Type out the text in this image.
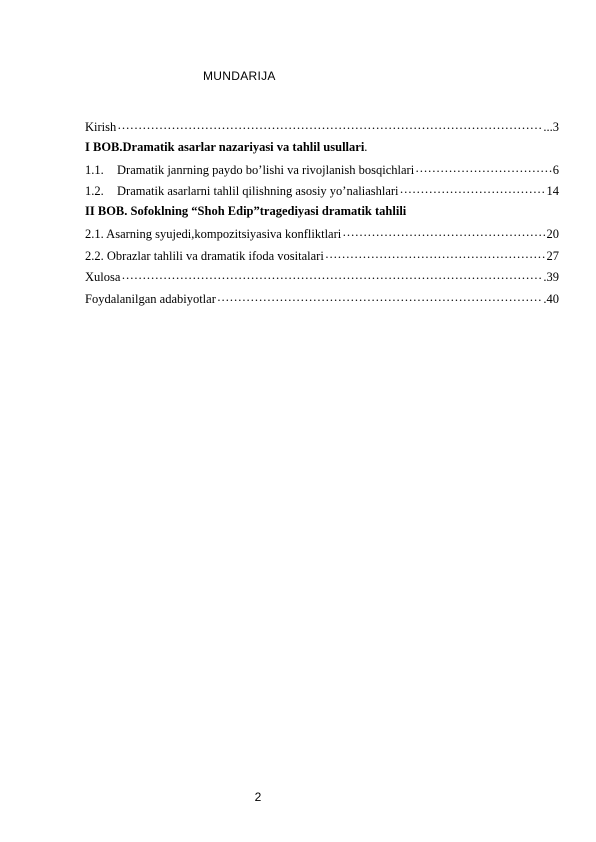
MUNDARIJA
Kirish ………………………………………………………………………………………………………………………………………………………………	...3
I BOB.Dramatik asarlar nazariyasi va tahlil usullari.
1.1.	Dramatik janrning paydo bo’lishi va rivojlanish bosqichlari ………………………………………………………………………………………………………………………………………………………………	6
1.2.	Dramatik asarlarni tahlil qilishning asosiy yo’naliashlari ………………………………………………………………………………………………………………………………………………………………	14
II BOB. Sofoklning “Shoh Edip”tragediyasi dramatik tahlili
2.1. Asarning syujedi,kompozitsiyasiva konfliktlari ………………………………………………………………………………………………………………………………………………………………	20
2.2. Obrazlar tahlili va dramatik ifoda vositalari ………………………………………………………………………………………………………………………………………………………………	27
Xulosa ………………………………………………………………………………………………………………………………………………………………	.39
Foydalanilgan adabiyotlar ………………………………………………………………………………………………………………………………………………………………	.40
2
